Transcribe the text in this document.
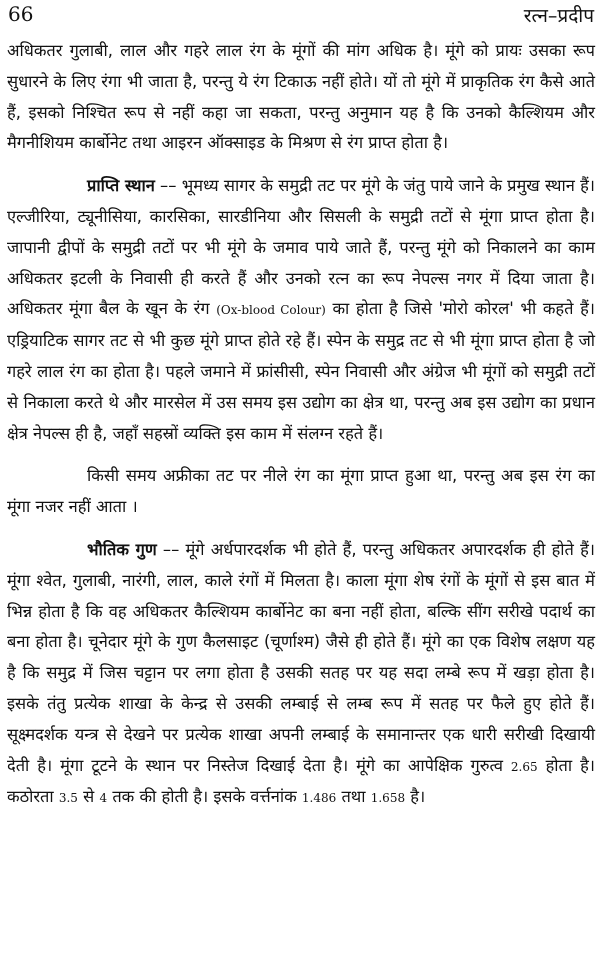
66	रत्न–प्रदीप

अधिकतर गुलाबी, लाल और गहरे लाल रंग के मूंगों की मांग अधिक है। मूंगे को प्रायः उसका रूप सुधारने के लिए रंगा भी जाता है, परन्तु ये रंग टिकाऊ नहीं होते। यों तो मूंगे में प्राकृतिक रंग कैसे आते हैं, इसको निश्चित रूप से नहीं कहा जा सकता, परन्तु अनुमान यह है कि उनको कैल्शियम और मैगनीशियम कार्बोनेट तथा आइरन ऑक्साइड के मिश्रण से रंग प्राप्त होता है।

प्राप्ति स्थान –– भूमध्य सागर के समुद्री तट पर मूंगे के जंतु पाये जाने के प्रमुख स्थान हैं। एल्जीरिया, ट्यूनीसिया, कारसिका, सारडीनिया और सिसली के समुद्री तटों से मूंगा प्राप्त होता है। जापानी द्वीपों के समुद्री तटों पर भी मूंगे के जमाव पाये जाते हैं, परन्तु मूंगे को निकालने का काम अधिकतर इटली के निवासी ही करते हैं और उनको रत्न का रूप नेपल्स नगर में दिया जाता है। अधिकतर मूंगा बैल के खून के रंग (Ox-blood Colour) का होता है जिसे 'मोरो कोरल' भी कहते हैं। एड्रियाटिक सागर तट से भी कुछ मूंगे प्राप्त होते रहे हैं। स्पेन के समुद्र तट से भी मूंगा प्राप्त होता है जो गहरे लाल रंग का होता है। पहले जमाने में फ्रांसीसी, स्पेन निवासी और अंग्रेज भी मूंगों को समुद्री तटों से निकाला करते थे और मारसेल में उस समय इस उद्योग का क्षेत्र था, परन्तु अब इस उद्योग का प्रधान क्षेत्र नेपल्स ही है, जहाँ सहस्रों व्यक्ति इस काम में संलग्न रहते हैं।

किसी समय अफ्रीका तट पर नीले रंग का मूंगा प्राप्त हुआ था, परन्तु अब इस रंग का मूंगा नजर नहीं आता ।

भौतिक गुण –– मूंगे अर्धपारदर्शक भी होते हैं, परन्तु अधिकतर अपारदर्शक ही होते हैं। मूंगा श्वेत, गुलाबी, नारंगी, लाल, काले रंगों में मिलता है। काला मूंगा शेष रंगों के मूंगों से इस बात में भिन्न होता है कि वह अधिकतर कैल्शियम कार्बोनेट का बना नहीं होता, बल्कि सींग सरीखे पदार्थ का बना होता है। चूनेदार मूंगे के गुण कैलसाइट (चूर्णाश्म) जैसे ही होते हैं। मूंगे का एक विशेष लक्षण यह है कि समुद्र में जिस चट्टान पर लगा होता है उसकी सतह पर यह सदा लम्बे रूप में खड़ा होता है। इसके तंतु प्रत्येक शाखा के केन्द्र से उसकी लम्बाई से लम्ब रूप में सतह पर फैले हुए होते हैं। सूक्ष्मदर्शक यन्त्र से देखने पर प्रत्येक शाखा अपनी लम्बाई के समानान्तर एक धारी सरीखी दिखायी देती है। मूंगा टूटने के स्थान पर निस्तेज दिखाई देता है। मूंगे का आपेक्षिक गुरुत्व 2.65 होता है। कठोरता 3.5 से 4 तक की होती है। इसके वर्त्तनांक 1.486 तथा 1.658 है।
